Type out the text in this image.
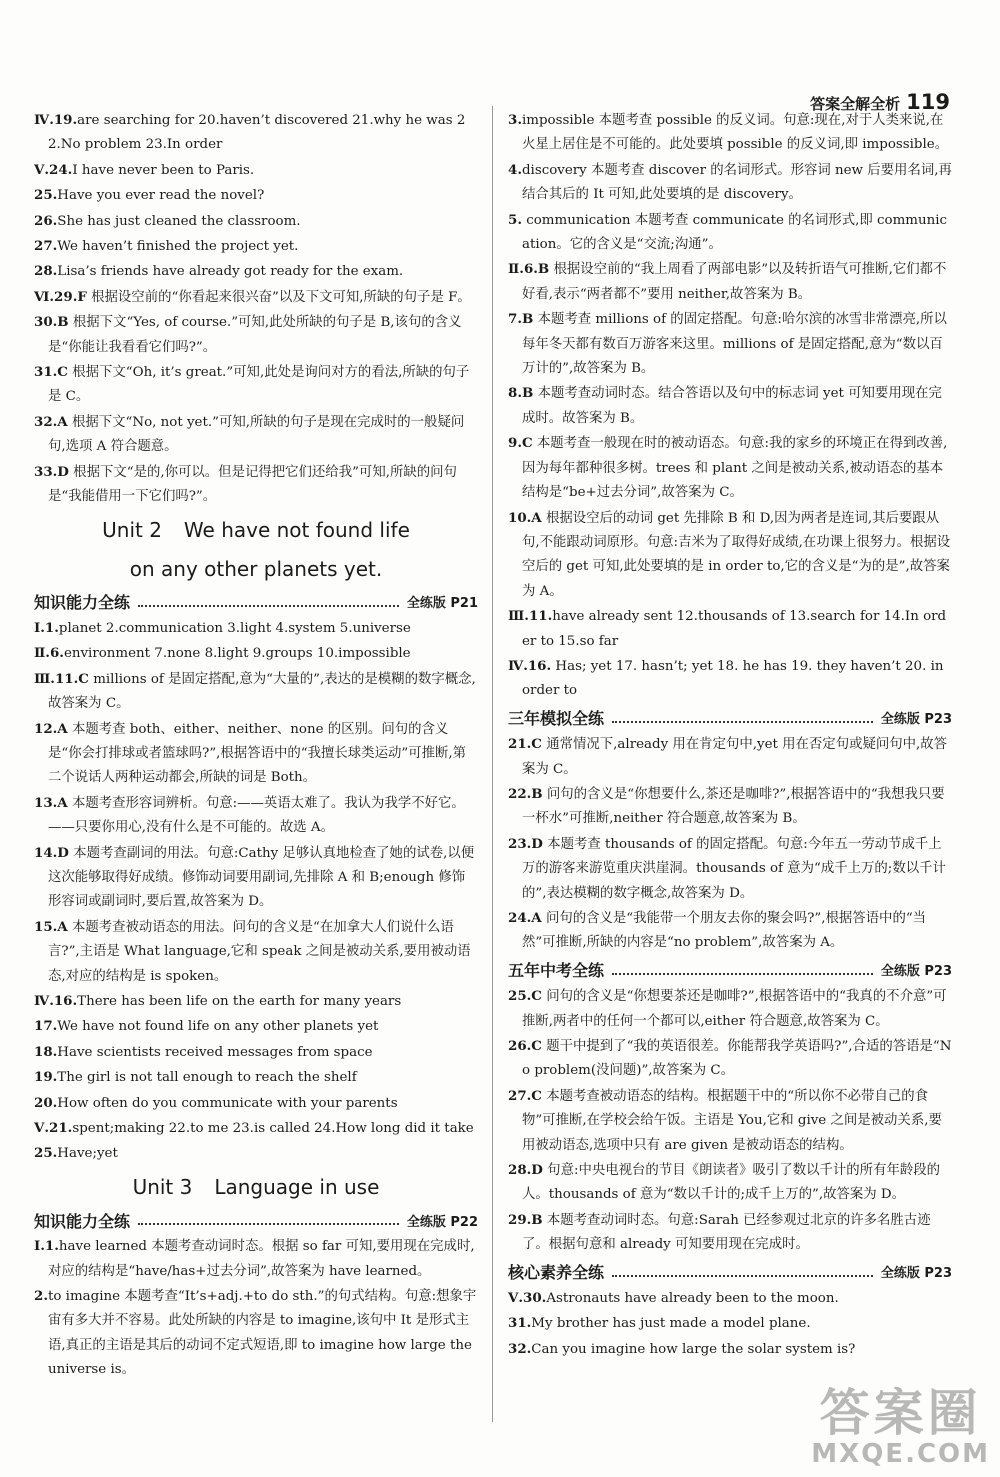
答案全解全析 119

Ⅳ.19.are searching for 20.haven’t discovered 21.why he was 22.No problem 23.In order

Ⅴ.24.I have never been to Paris.

25.Have you ever read the novel?

26.She has just cleaned the classroom.

27.We haven’t finished the project yet.

28.Lisa’s friends have already got ready for the exam.

Ⅵ.29.F 根据设空前的“你看起来很兴奋”以及下文可知,所缺的句子是 F。

30.B 根据下文“Yes, of course.”可知,此处所缺的句子是 B,该句的含义是“你能让我看看它们吗?”。

31.C 根据下文“Oh, it’s great.”可知,此处是询问对方的看法,所缺的句子是 C。

32.A 根据下文“No, not yet.”可知,所缺的句子是现在完成时的一般疑问句,选项 A 符合题意。

33.D 根据下文“是的,你可以。但是记得把它们还给我”可知,所缺的问句是“我能借用一下它们吗?”。

Unit 2 We have not found life
on any other planets yet.
知识能力全练	全练版 P21

Ⅰ.1.planet 2.communication 3.light 4.system 5.universe

Ⅱ.6.environment 7.none 8.light 9.groups 10.impossible

Ⅲ.11.C millions of 是固定搭配,意为“大量的”,表达的是模糊的数字概念,故答案为 C。

12.A 本题考查 both、either、neither、none 的区别。问句的含义是“你会打排球或者篮球吗?”,根据答语中的“我擅长球类运动”可推断,第二个说话人两种运动都会,所缺的词是 Both。

13.A 本题考查形容词辨析。句意:——英语太难了。我认为我学不好它。——只要你用心,没有什么是不可能的。故选 A。

14.D 本题考查副词的用法。句意:Cathy 足够认真地检查了她的试卷,以便这次能够取得好成绩。修饰动词要用副词,先排除 A 和 B;enough 修饰形容词或副词时,要后置,故答案为 D。

15.A 本题考查被动语态的用法。问句的含义是“在加拿大人们说什么语言?”,主语是 What language,它和 speak 之间是被动关系,要用被动语态,对应的结构是 is spoken。

Ⅳ.16.There has been life on the earth for many years

17.We have not found life on any other planets yet

18.Have scientists received messages from space

19.The girl is not tall enough to reach the shelf

20.How often do you communicate with your parents

Ⅴ.21.spent;making 22.to me 23.is called 24.How long did it take

25.Have;yet

Unit 3 Language in use
知识能力全练	全练版 P22

Ⅰ.1.have learned 本题考查动词时态。根据 so far 可知,要用现在完成时,对应的结构是“have/has+过去分词”,故答案为 have learned。

2.to imagine 本题考查“It’s+adj.+to do sth.”的句式结构。句意:想象宇宙有多大并不容易。此处所缺的内容是 to imagine,该句中 It 是形式主语,真正的主语是其后的动词不定式短语,即 to imagine how large the universe is。

3.impossible 本题考查 possible 的反义词。句意:现在,对于人类来说,在火星上居住是不可能的。此处要填 possible 的反义词,即 impossible。

4.discovery 本题考查 discover 的名词形式。形容词 new 后要用名词,再结合其后的 It 可知,此处要填的是 discovery。

5. communication 本题考查 communicate 的名词形式,即 communication。它的含义是“交流;沟通”。

Ⅱ.6.B 根据设空前的“我上周看了两部电影”以及转折语气可推断,它们都不好看,表示“两者都不”要用 neither,故答案为 B。

7.B 本题考查 millions of 的固定搭配。句意:哈尔滨的冰雪非常漂亮,所以每年冬天都有数百万游客来这里。millions of 是固定搭配,意为“数以百万计的”,故答案为 B。

8.B 本题考查动词时态。结合答语以及句中的标志词 yet 可知要用现在完成时。故答案为 B。

9.C 本题考查一般现在时的被动语态。句意:我的家乡的环境正在得到改善,因为每年都种很多树。trees 和 plant 之间是被动关系,被动语态的基本结构是“be+过去分词”,故答案为 C。

10.A 根据设空后的动词 get 先排除 B 和 D,因为两者是连词,其后要跟从句,不能跟动词原形。句意:吉米为了取得好成绩,在功课上很努力。根据设空后的 get 可知,此处要填的是 in order to,它的含义是“为的是”,故答案为 A。

Ⅲ.11.have already sent 12.thousands of 13.search for 14.In order to 15.so far

Ⅳ.16. Has; yet 17. hasn’t; yet 18. he has 19. they haven’t 20. in order to

三年模拟全练	全练版 P23

21.C 通常情况下,already 用在肯定句中,yet 用在否定句或疑问句中,故答案为 C。

22.B 问句的含义是“你想要什么,茶还是咖啡?”,根据答语中的“我想我只要一杯水”可推断,neither 符合题意,故答案为 B。

23.D 本题考查 thousands of 的固定搭配。句意:今年五一劳动节成千上万的游客来游览重庆洪崖洞。thousands of 意为“成千上万的;数以千计的”,表达模糊的数字概念,故答案为 D。

24.A 问句的含义是“我能带一个朋友去你的聚会吗?”,根据答语中的“当然”可推断,所缺的内容是“no problem”,故答案为 A。

五年中考全练	全练版 P23

25.C 问句的含义是“你想要茶还是咖啡?”,根据答语中的“我真的不介意”可推断,两者中的任何一个都可以,either 符合题意,故答案为 C。

26.C 题干中提到了“我的英语很差。你能帮我学英语吗?”,合适的答语是“No problem(没问题)”,故答案为 C。

27.C 本题考查被动语态的结构。根据题干中的“所以你不必带自己的食物”可推断,在学校会给午饭。主语是 You,它和 give 之间是被动关系,要用被动语态,选项中只有 are given 是被动语态的结构。

28.D 句意:中央电视台的节目《朗读者》吸引了数以千计的所有年龄段的人。thousands of 意为“数以千计的;成千上万的”,故答案为 D。

29.B 本题考查动词时态。句意:Sarah 已经参观过北京的许多名胜古迹了。根据句意和 already 可知要用现在完成时。

核心素养全练	全练版 P23

Ⅴ.30.Astronauts have already been to the moon.

31.My brother has just made a model plane.

32.Can you imagine how large the solar system is?

答案圈
MXQE.COM
